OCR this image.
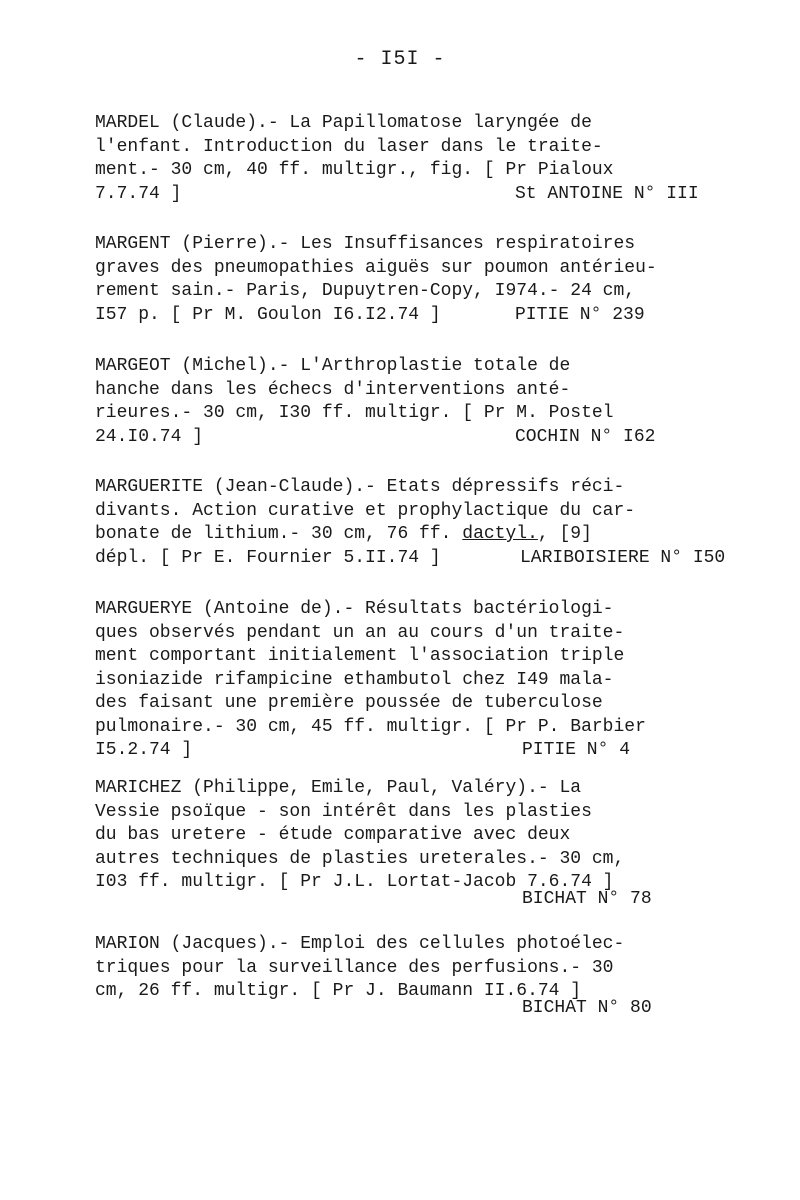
- I5I -
MARDEL (Claude).- La Papillomatose laryngée de
l'enfant. Introduction du laser dans le traite-
ment.- 30 cm, 40 ff. multigr., fig. [ Pr Pialoux
7.7.74 ]	St ANTOINE N° III
MARGENT (Pierre).- Les Insuffisances respiratoires
graves des pneumopathies aiguës sur poumon antérieu-
rement sain.- Paris, Dupuytren-Copy, I974.- 24 cm,
I57 p. [ Pr M. Goulon I6.I2.74 ]	PITIE N° 239
MARGEOT (Michel).- L'Arthroplastie totale de
hanche dans les échecs d'interventions anté-
rieures.- 30 cm, I30 ff. multigr. [ Pr M. Postel
24.I0.74 ]	COCHIN N° I62
MARGUERITE (Jean-Claude).- Etats dépressifs réci-
divants. Action curative et prophylactique du car-
bonate de lithium.- 30 cm, 76 ff. dactyl., [9]
dépl. [ Pr E. Fournier 5.II.74 ]	LARIBOISIERE N° I50
MARGUERYE (Antoine de).- Résultats bactériologi-
ques observés pendant un an au cours d'un traite-
ment comportant initialement l'association triple
isoniazide rifampicine ethambutol chez I49 mala-
des faisant une première poussée de tuberculose
pulmonaire.- 30 cm, 45 ff. multigr. [ Pr P. Barbier
I5.2.74 ]	PITIE N° 4
MARICHEZ (Philippe, Emile, Paul, Valéry).- La
Vessie psoïque - son intérêt dans les plasties
du bas uretere - étude comparative avec deux
autres techniques de plasties ureterales.- 30 cm,
I03 ff. multigr. [ Pr J.L. Lortat-Jacob 7.6.74 ]
BICHAT N° 78
MARION (Jacques).- Emploi des cellules photoélec-
triques pour la surveillance des perfusions.- 30
cm, 26 ff. multigr. [ Pr J. Baumann II.6.74 ]
BICHAT N° 80
